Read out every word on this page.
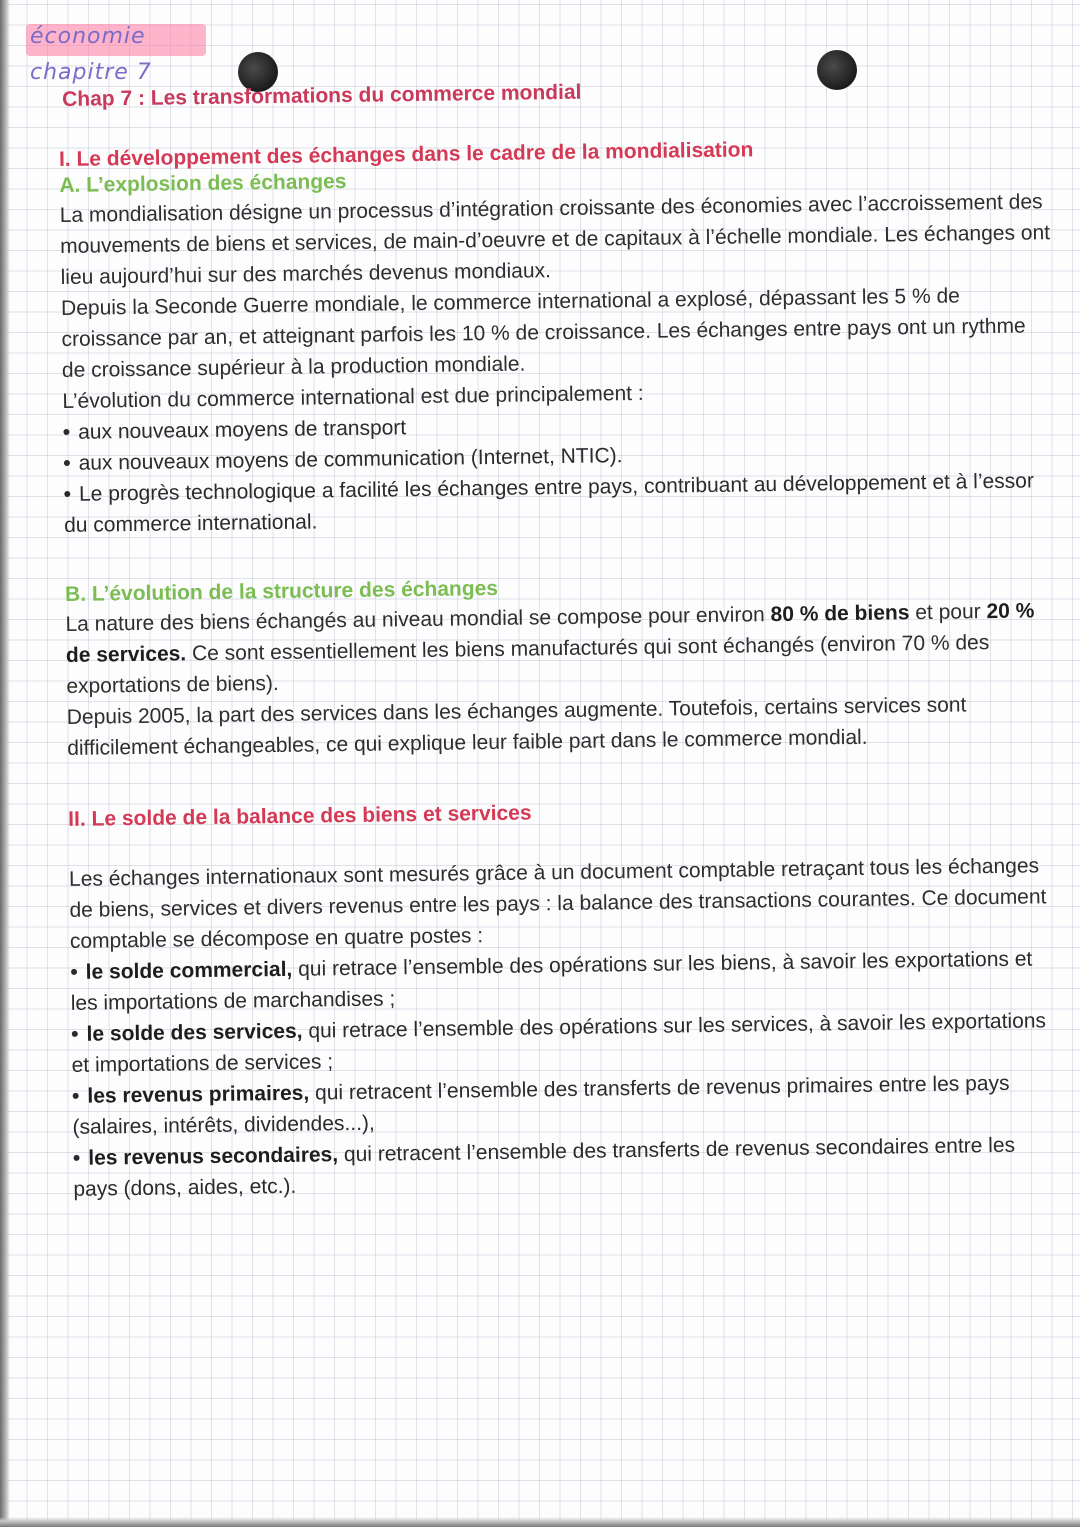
économie
chapitre 7
Chap 7 : Les transformations du commerce mondial
I. Le développement des échanges dans le cadre de la mondialisation
A. L’explosion des échanges

La mondialisation désigne un processus d’intégration croissante des économies avec l’accroissement des mouvements de biens et services, de main-d’oeuvre et de capitaux à l’échelle mondiale. Les échanges ont lieu aujourd’hui sur des marchés devenus mondiaux.

Depuis la Seconde Guerre mondiale, le commerce international a explosé, dépassant les 5 % de croissance par an, et atteignant parfois les 10 % de croissance. Les échanges entre pays ont un rythme de croissance supérieur à la production mondiale.

L’évolution du commerce international est due principalement :

• aux nouveaux moyens de transport
• aux nouveaux moyens de communication (Internet, NTIC).
• Le progrès technologique a facilité les échanges entre pays, contribuant au développement et à l’essor du commerce international.
B. L’évolution de la structure des échanges

La nature des biens échangés au niveau mondial se compose pour environ 80 % de biens et pour 20 % de services. Ce sont essentiellement les biens manufacturés qui sont échangés (environ 70 % des exportations de biens).

Depuis 2005, la part des services dans les échanges augmente. Toutefois, certains services sont difficilement échangeables, ce qui explique leur faible part dans le commerce mondial.

II. Le solde de la balance des biens et services

Les échanges internationaux sont mesurés grâce à un document comptable retraçant tous les échanges de biens, services et divers revenus entre les pays : la balance des transactions courantes. Ce document comptable se décompose en quatre postes :

• le solde commercial, qui retrace l’ensemble des opérations sur les biens, à savoir les exportations et les importations de marchandises ;
• le solde des services, qui retrace l’ensemble des opérations sur les services, à savoir les exportations et importations de services ;
• les revenus primaires, qui retracent l’ensemble des transferts de revenus primaires entre les pays (salaires, intérêts, dividendes...),
• les revenus secondaires, qui retracent l’ensemble des transferts de revenus secondaires entre les pays (dons, aides, etc.).
